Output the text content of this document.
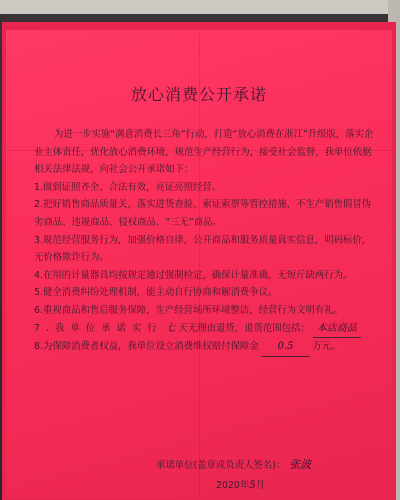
放心消费公开承诺

为进一步实施“满意消费长三角”行动，打造“放心消费在浙江”升级版，落实企业主体责任，优化放心消费环境，规范生产经营行为，接受社会监督，我单位依据相关法律法规，向社会公开承诺如下：

1.做到证照齐全、合法有效，亮证亮照经营。

2.把好销售商品质量关，落实进货查验、索证索票等管控措施，不生产销售假冒伪劣商品、违规商品、侵权商品、“三无”商品。

3.规范经营服务行为，加强价格自律，公开商品和服务质量真实信息，明码标价，无价格欺诈行为。

4.在用的计量器具均按规定通过强制检定，确保计量准确，无短斤缺两行为。

5.健全消费纠纷处理机制，能主动自行协商和解消费争议。

6.重视商品和售后服务保障，生产经营场所环境整洁，经营行为文明有礼。

7.我单位承诺实行 七 天无理由退货，退货范围包括： 本店商品

8.为保障消费者权益，我单位设立消费维权赔付保障金 0.5 万元。

承诺单位(盖章或负责人签名)： 张波
2020年5月
